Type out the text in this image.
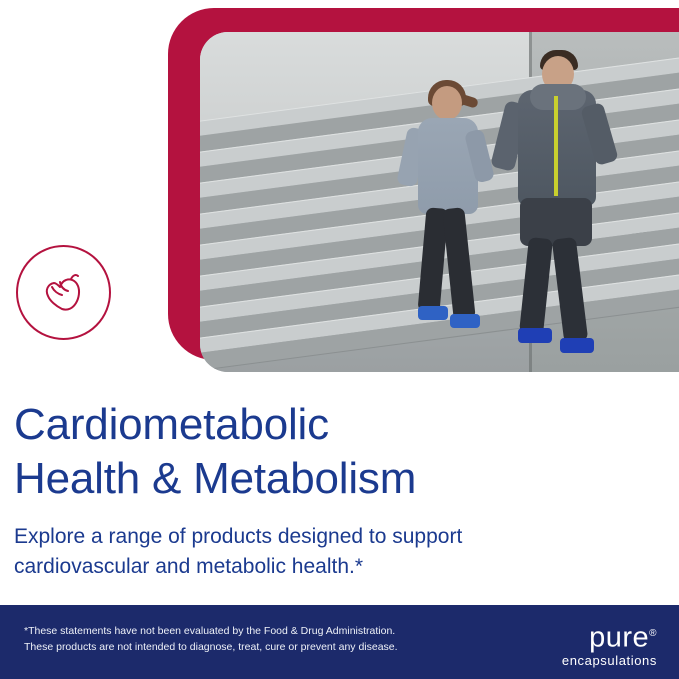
Cardiometabolic
Health & Metabolism
Explore a range of products designed to support
cardiovascular and metabolic health.*
*These statements have not been evaluated by the Food & Drug Administration.
These products are not intended to diagnose, treat, cure or prevent any disease.	pure®
encapsulations
